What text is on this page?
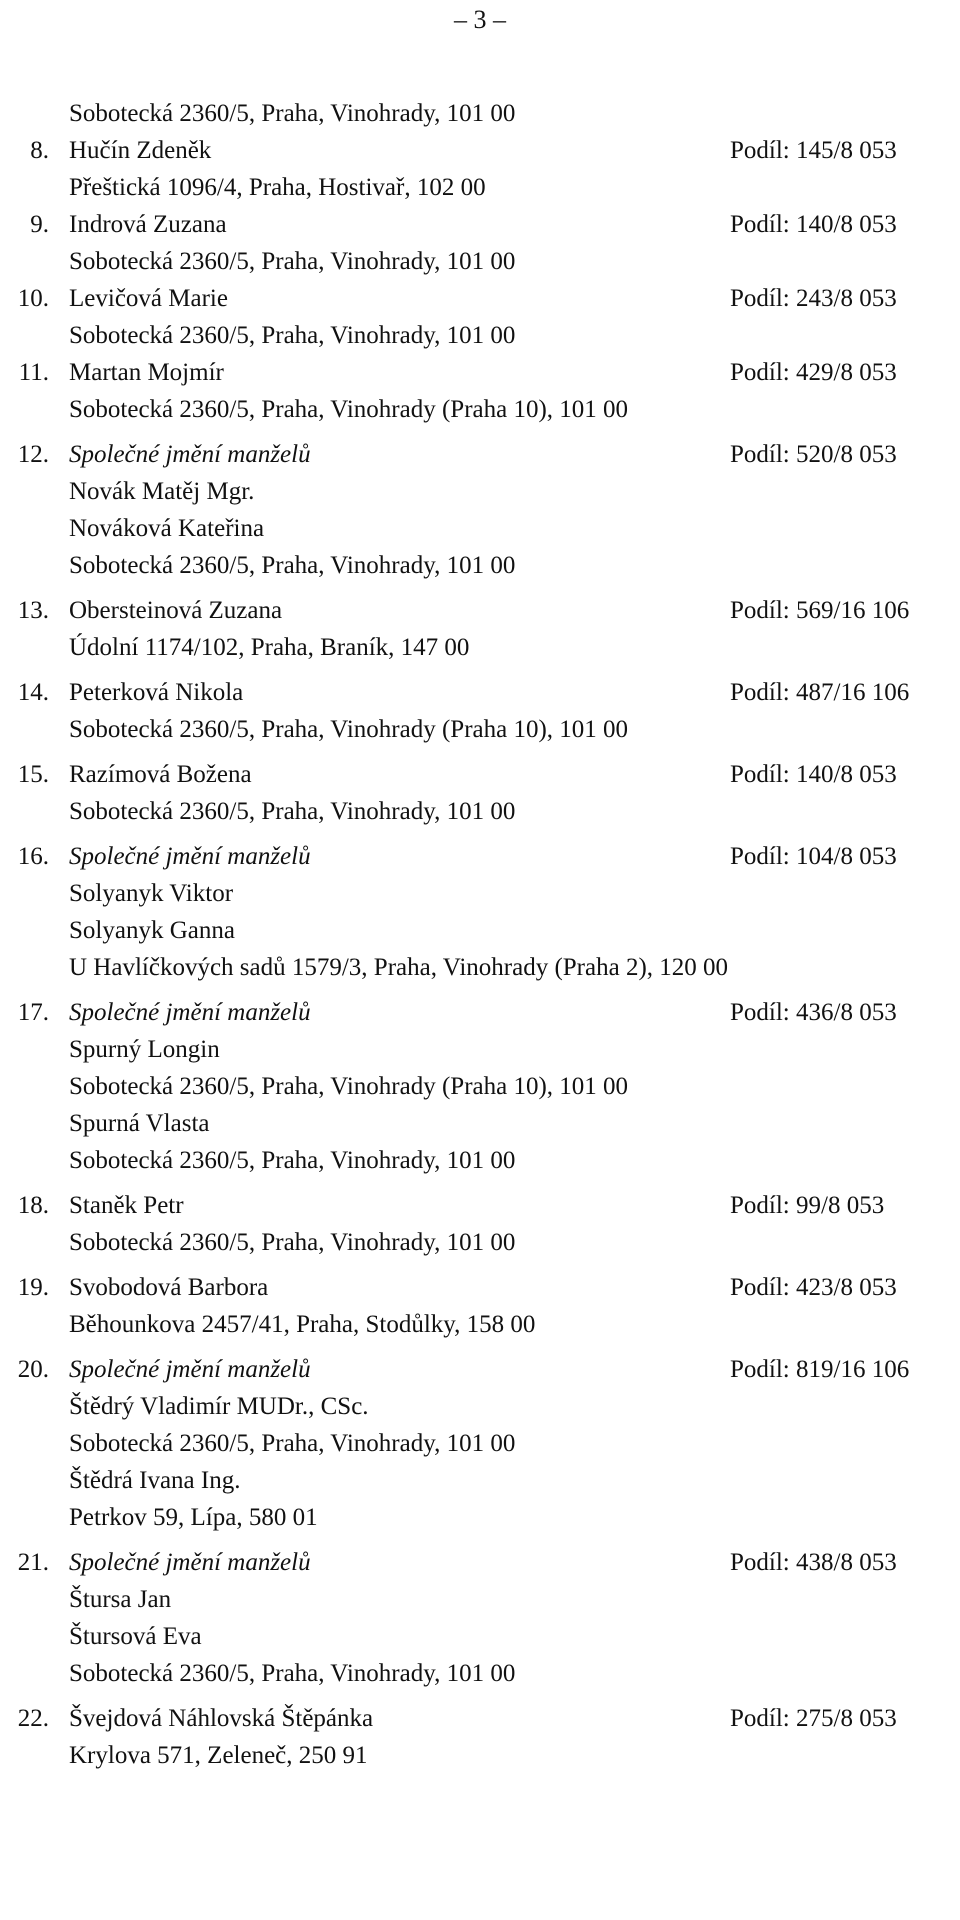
– 3 –
Sobotecká 2360/5, Praha, Vinohrady, 101 00
8. Hučín Zdeněk	Podíl: 145/8 053
Přeštická 1096/4, Praha, Hostivař, 102 00
9. Indrová Zuzana	Podíl: 140/8 053
Sobotecká 2360/5, Praha, Vinohrady, 101 00
10. Levičová Marie	Podíl: 243/8 053
Sobotecká 2360/5, Praha, Vinohrady, 101 00
11. Martan Mojmír	Podíl: 429/8 053
Sobotecká 2360/5, Praha, Vinohrady (Praha 10), 101 00
12. Společné jmění manželů	Podíl: 520/8 053
Novák Matěj Mgr.
Nováková Kateřina
Sobotecká 2360/5, Praha, Vinohrady, 101 00
13. Obersteinová Zuzana	Podíl: 569/16 106
Údolní 1174/102, Praha, Braník, 147 00
14. Peterková Nikola	Podíl: 487/16 106
Sobotecká 2360/5, Praha, Vinohrady (Praha 10), 101 00
15. Razímová Božena	Podíl: 140/8 053
Sobotecká 2360/5, Praha, Vinohrady, 101 00
16. Společné jmění manželů	Podíl: 104/8 053
Solyanyk Viktor
Solyanyk Ganna
U Havlíčkových sadů 1579/3, Praha, Vinohrady (Praha 2), 120 00
17. Společné jmění manželů	Podíl: 436/8 053
Spurný Longin
Sobotecká 2360/5, Praha, Vinohrady (Praha 10), 101 00
Spurná Vlasta
Sobotecká 2360/5, Praha, Vinohrady, 101 00
18. Staněk Petr	Podíl: 99/8 053
Sobotecká 2360/5, Praha, Vinohrady, 101 00
19. Svobodová Barbora	Podíl: 423/8 053
Běhounkova 2457/41, Praha, Stodůlky, 158 00
20. Společné jmění manželů	Podíl: 819/16 106
Štědrý Vladimír MUDr., CSc.
Sobotecká 2360/5, Praha, Vinohrady, 101 00
Štědrá Ivana Ing.
Petrkov 59, Lípa, 580 01
21. Společné jmění manželů	Podíl: 438/8 053
Štursa Jan
Štursová Eva
Sobotecká 2360/5, Praha, Vinohrady, 101 00
22. Švejdová Náhlovská Štěpánka	Podíl: 275/8 053
Krylova 571, Zeleneč, 250 91
